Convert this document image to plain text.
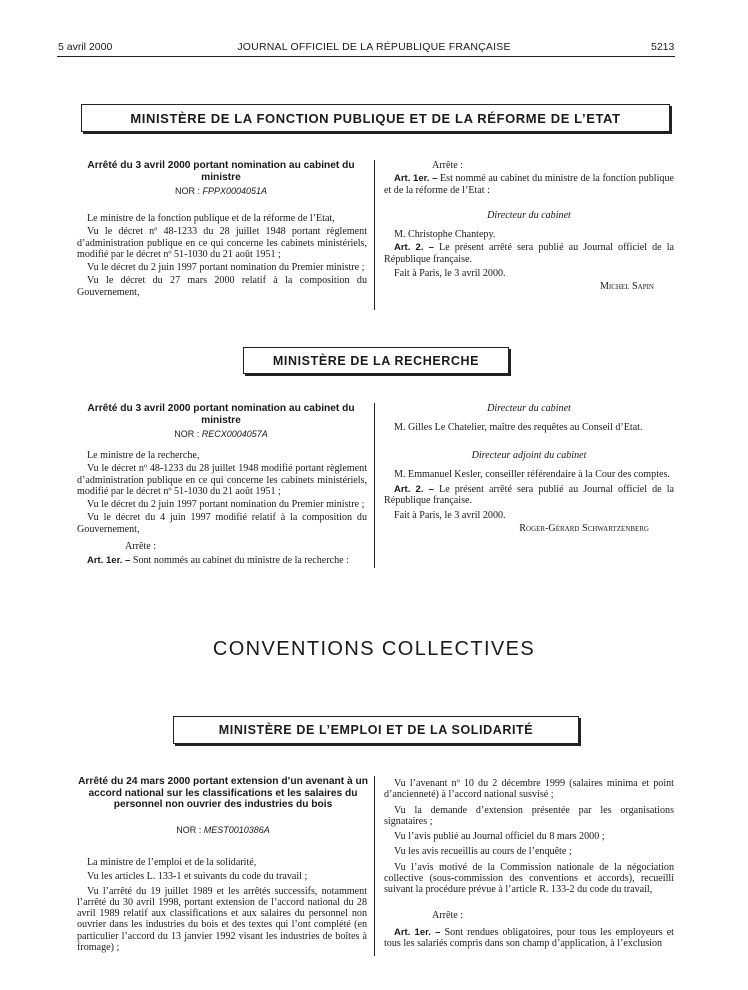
5 avril 2000	JOURNAL OFFICIEL DE LA RÉPUBLIQUE FRANÇAISE	5213
MINISTÈRE DE LA FONCTION PUBLIQUE ET DE LA RÉFORME DE L’ETAT
Arrêté du 3 avril 2000 portant nomination au cabinet du ministre
NOR : FPPX0004051A

Le ministre de la fonction publique et de la réforme de l’Etat,

Vu le décret nº 48-1233 du 28 juillet 1948 portant règlement d’administration publique en ce qui concerne les cabinets ministériels, modifié par le décret nº 51-1030 du 21 août 1951 ;

Vu le décret du 2 juin 1997 portant nomination du Premier ministre ;

Vu le décret du 27 mars 2000 relatif à la composition du Gouvernement,

Arrête :

Art. 1er. – Est nommé au cabinet du ministre de la fonction publique et de la réforme de l’Etat :

Directeur du cabinet

M. Christophe Chantepy.

Art. 2. – Le présent arrêté sera publié au Journal officiel de la République française.

Fait à Paris, le 3 avril 2000.

Michel Sapin

MINISTÈRE DE LA RECHERCHE
Arrêté du 3 avril 2000 portant nomination au cabinet du ministre
NOR : RECX0004057A

Le ministre de la recherche,

Vu le décret nº 48-1233 du 28 juillet 1948 modifié portant règlement d’administration publique en ce qui concerne les cabinets ministériels, modifié par le décret nº 51-1030 du 21 août 1951 ;

Vu le décret du 2 juin 1997 portant nomination du Premier ministre ;

Vu le décret du 4 juin 1997 modifié relatif à la composition du Gouvernement,

Arrête :

Art. 1er. – Sont nommés au cabinet du ministre de la recherche :

Directeur du cabinet

M. Gilles Le Chatelier, maître des requêtes au Conseil d’Etat.

Directeur adjoint du cabinet

M. Emmanuel Kesler, conseiller référendaire à la Cour des comptes.

Art. 2. – Le présent arrêté sera publié au Journal officiel de la République française.

Fait à Paris, le 3 avril 2000.

Roger-Gérard Schwartzenberg

CONVENTIONS COLLECTIVES
MINISTÈRE DE L’EMPLOI ET DE LA SOLIDARITÉ
Arrêté du 24 mars 2000 portant extension d’un avenant à un accord national sur les classifications et les salaires du personnel non ouvrier des industries du bois
NOR : MEST0010386A

La ministre de l’emploi et de la solidarité,

Vu les articles L. 133-1 et suivants du code du travail ;

Vu l’arrêté du 19 juillet 1989 et les arrêtés successifs, notamment l’arrêté du 30 avril 1998, portant extension de l’accord national du 28 avril 1989 relatif aux classifications et aux salaires du personnel non ouvrier dans les industries du bois et des textes qui l’ont complété (en particulier l’accord du 13 janvier 1992 visant les industries de boîtes à fromage) ;

Vu l’avenant nº 10 du 2 décembre 1999 (salaires minima et point d’ancienneté) à l’accord national susvisé ;

Vu la demande d’extension présentée par les organisations signataires ;

Vu l’avis publié au Journal officiel du 8 mars 2000 ;

Vu les avis recueillis au cours de l’enquête ;

Vu l’avis motivé de la Commission nationale de la négociation collective (sous-commission des conventions et accords), recueilli suivant la procédure prévue à l’article R. 133-2 du code du travail,

Arrête :

Art. 1er. – Sont rendues obligatoires, pour tous les employeurs et tous les salariés compris dans son champ d’application, à l’exclusion
